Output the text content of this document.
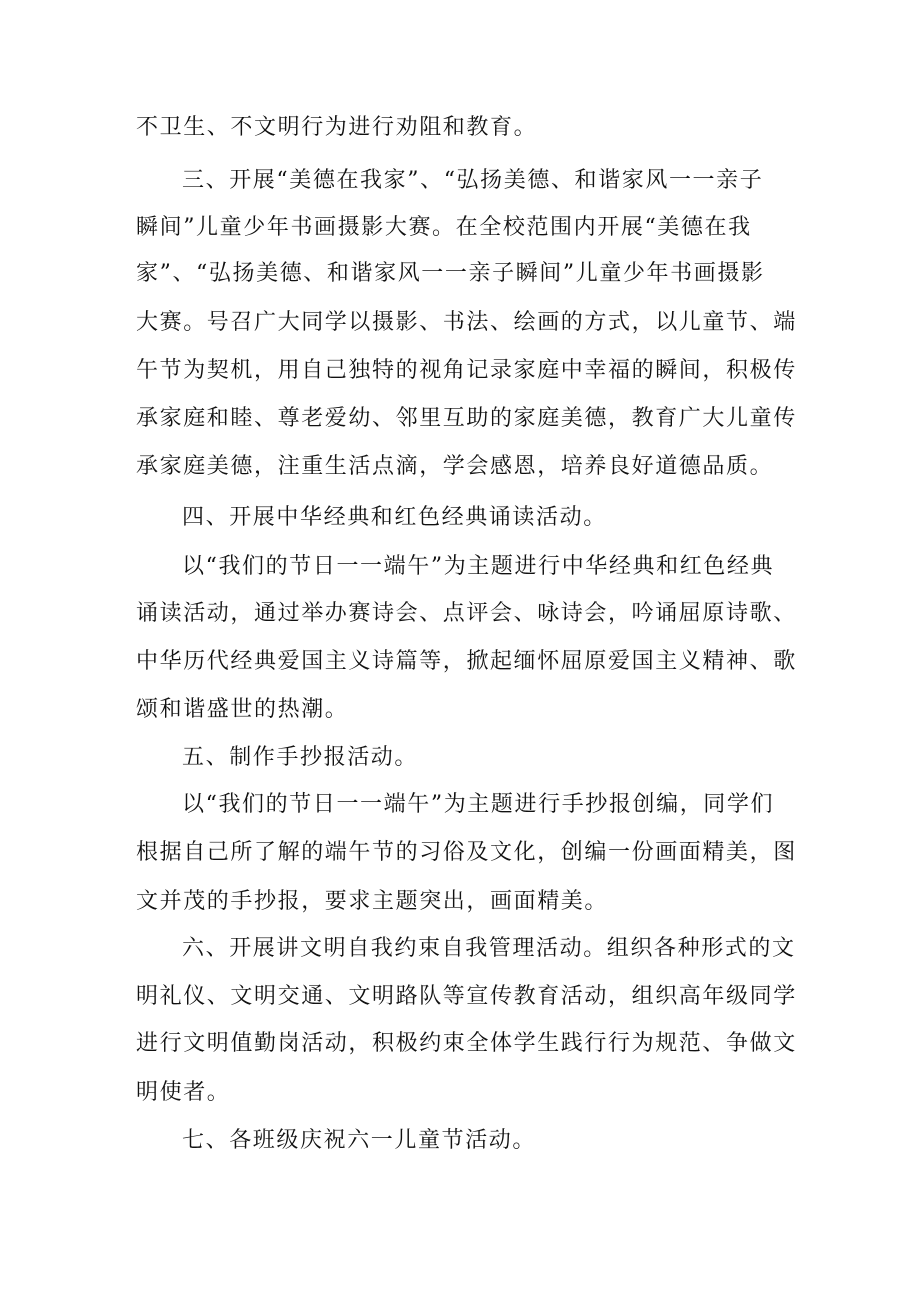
不卫生、不文明行为进行劝阻和教育。
三、开展“美德在我家”、“弘扬美德、和谐家风一一亲子
瞬间”儿童少年书画摄影大赛。在全校范围内开展“美德在我
家”、“弘扬美德、和谐家风一一亲子瞬间”儿童少年书画摄影
大赛。号召广大同学以摄影、书法、绘画的方式，以儿童节、端
午节为契机，用自己独特的视角记录家庭中幸福的瞬间，积极传
承家庭和睦、尊老爱幼、邻里互助的家庭美德，教育广大儿童传
承家庭美德，注重生活点滴，学会感恩，培养良好道德品质。
四、开展中华经典和红色经典诵读活动。
以“我们的节日一一端午”为主题进行中华经典和红色经典
诵读活动，通过举办赛诗会、点评会、咏诗会，吟诵屈原诗歌、
中华历代经典爱国主义诗篇等，掀起缅怀屈原爱国主义精神、歌
颂和谐盛世的热潮。
五、制作手抄报活动。
以“我们的节日一一端午”为主题进行手抄报创编，同学们
根据自己所了解的端午节的习俗及文化，创编一份画面精美，图
文并茂的手抄报，要求主题突出，画面精美。
六、开展讲文明自我约束自我管理活动。组织各种形式的文
明礼仪、文明交通、文明路队等宣传教育活动，组织高年级同学
进行文明值勤岗活动，积极约束全体学生践行行为规范、争做文
明使者。
七、各班级庆祝六一儿童节活动。
